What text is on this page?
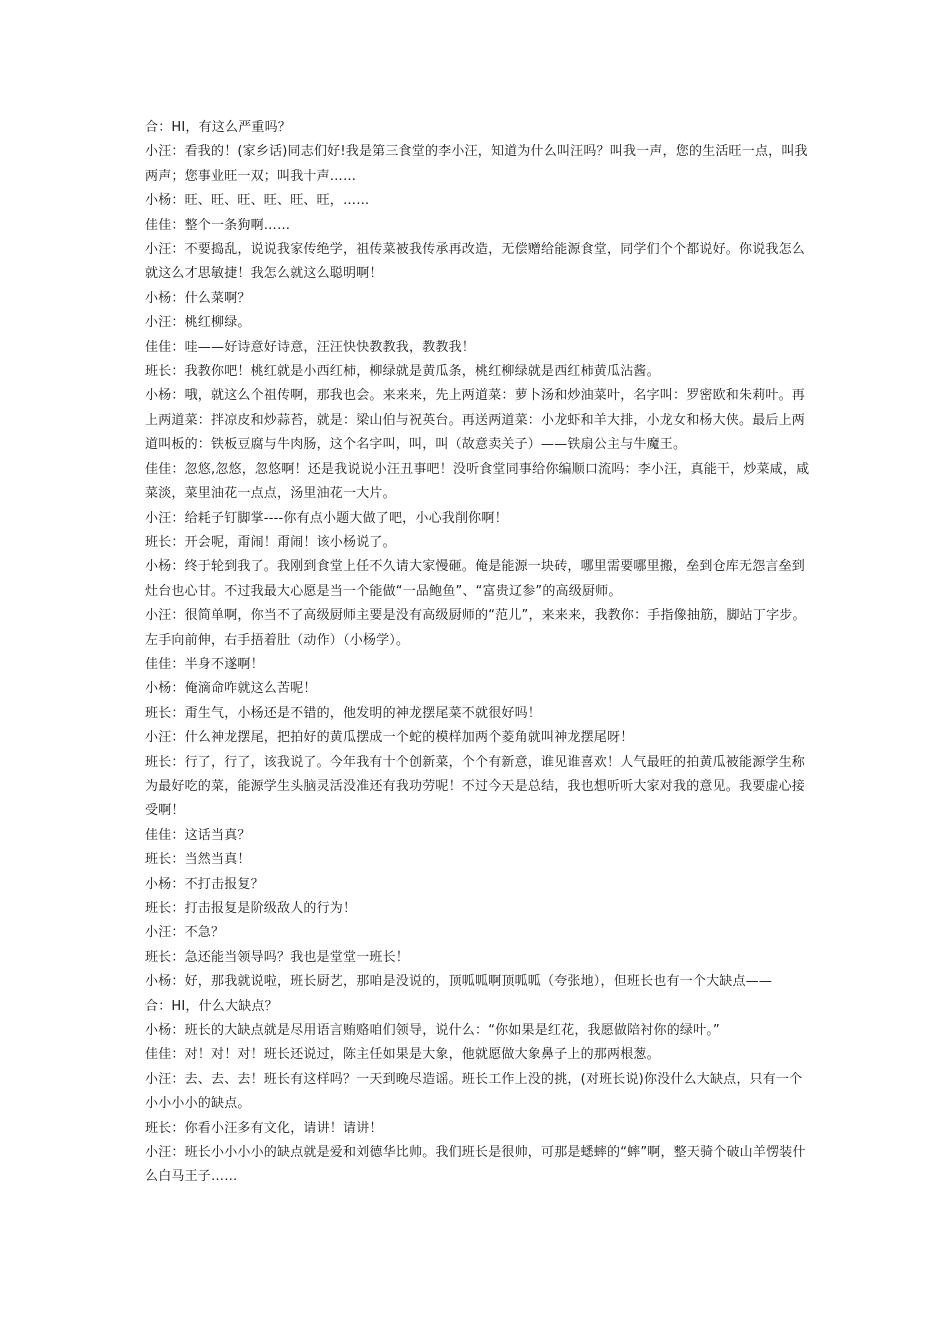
合：HI，有这么严重吗？

小汪：看我的！(家乡话)同志们好!我是第三食堂的李小汪，知道为什么叫汪吗？叫我一声，您的生活旺一点，叫我两声；您事业旺一双；叫我十声……

小杨：旺、旺、旺、旺、旺、旺，……

佳佳：整个一条狗啊……

小汪：不要捣乱，说说我家传绝学，祖传菜被我传承再改造，无偿赠给能源食堂，同学们个个都说好。你说我怎么就这么才思敏捷！我怎么就这么聪明啊！

小杨：什么菜啊？

小汪：桃红柳绿。

佳佳：哇——好诗意好诗意，汪汪快快教教我，教教我！

班长：我教你吧！桃红就是小西红柿，柳绿就是黄瓜条，桃红柳绿就是西红柿黄瓜沾酱。

小杨：哦，就这么个祖传啊，那我也会。来来来，先上两道菜：萝卜汤和炒油菜叶，名字叫：罗密欧和朱莉叶。再上两道菜：拌凉皮和炒蒜苔，就是：梁山伯与祝英台。再送两道菜：小龙虾和羊大排，小龙女和杨大侠。最后上两道叫板的：铁板豆腐与牛肉肠，这个名字叫，叫，叫（故意卖关子）——铁扇公主与牛魔王。

佳佳：忽悠,忽悠，忽悠啊！还是我说说小汪丑事吧！没听食堂同事给你编顺口流吗：李小汪，真能干，炒菜咸，咸菜淡，菜里油花一点点，汤里油花一大片。

小汪：给耗子钉脚掌----你有点小题大做了吧，小心我削你啊！

班长：开会呢，甭闹！甭闹！该小杨说了。

小杨：终于轮到我了。我刚到食堂上任不久请大家慢砸。俺是能源一块砖，哪里需要哪里搬，垒到仓库无怨言垒到灶台也心甘。不过我最大心愿是当一个能做“一品鲍鱼”、“富贵辽参”的高级厨师。

小汪：很简单啊，你当不了高级厨师主要是没有高级厨师的“范儿”，来来来，我教你：手指像抽筋，脚站丁字步。左手向前伸，右手捂着肚（动作）（小杨学）。

佳佳：半身不遂啊！

小杨：俺滴命咋就这么苦呢！

班长：甭生气，小杨还是不错的，他发明的神龙摆尾菜不就很好吗！

小汪：什么神龙摆尾，把拍好的黄瓜摆成一个蛇的模样加两个菱角就叫神龙摆尾呀！

班长：行了，行了，该我说了。今年我有十个创新菜，个个有新意，谁见谁喜欢！人气最旺的拍黄瓜被能源学生称为最好吃的菜，能源学生头脑灵活没准还有我功劳呢！不过今天是总结，我也想听听大家对我的意见。我要虚心接受啊！

佳佳：这话当真？

班长：当然当真！

小杨：不打击报复？

班长：打击报复是阶级敌人的行为！

小汪：不急？

班长：急还能当领导吗？我也是堂堂一班长！

小杨：好，那我就说啦，班长厨艺，那咱是没说的，顶呱呱啊顶呱呱（夸张地），但班长也有一个大缺点——

合：HI，什么大缺点？

小杨：班长的大缺点就是尽用语言贿赂咱们领导，说什么：“你如果是红花，我愿做陪衬你的绿叶。”

佳佳：对！对！对！班长还说过，陈主任如果是大象，他就愿做大象鼻子上的那两根葱。

小汪：去、去、去！班长有这样吗？一天到晚尽造谣。班长工作上没的挑，(对班长说)你没什么大缺点，只有一个小小小小的缺点。

班长：你看小汪多有文化，请讲！请讲！

小汪：班长小小小小的缺点就是爱和刘德华比帅。我们班长是很帅，可那是蟋蟀的“蟀”啊，整天骑个破山羊愣装什么白马王子……
